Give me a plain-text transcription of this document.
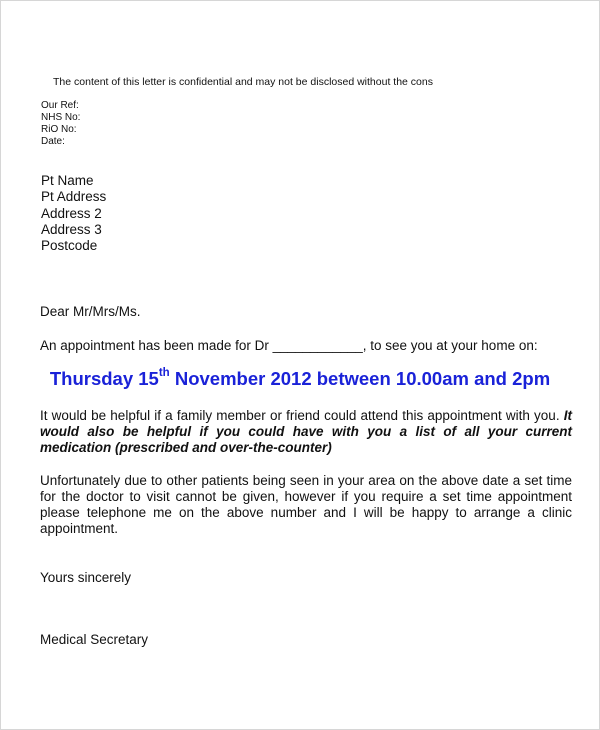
The content of this letter is confidential and may not be disclosed without the cons
Our Ref:
NHS No:
RiO No:
Date:
Pt Name
Pt Address
Address 2
Address 3
Postcode
Dear Mr/Mrs/Ms.
An appointment has been made for Dr ____________, to see you at your home on:
Thursday 15th November 2012 between 10.00am and 2pm
It would be helpful if a family member or friend could attend this appointment with you. It would also be helpful if you could have with you a list of all your current medication (prescribed and over-the-counter)
Unfortunately due to other patients being seen in your area on the above date a set time for the doctor to visit cannot be given, however if you require a set time appointment please telephone me on the above number and I will be happy to arrange a clinic appointment.
Yours sincerely
Medical Secretary
